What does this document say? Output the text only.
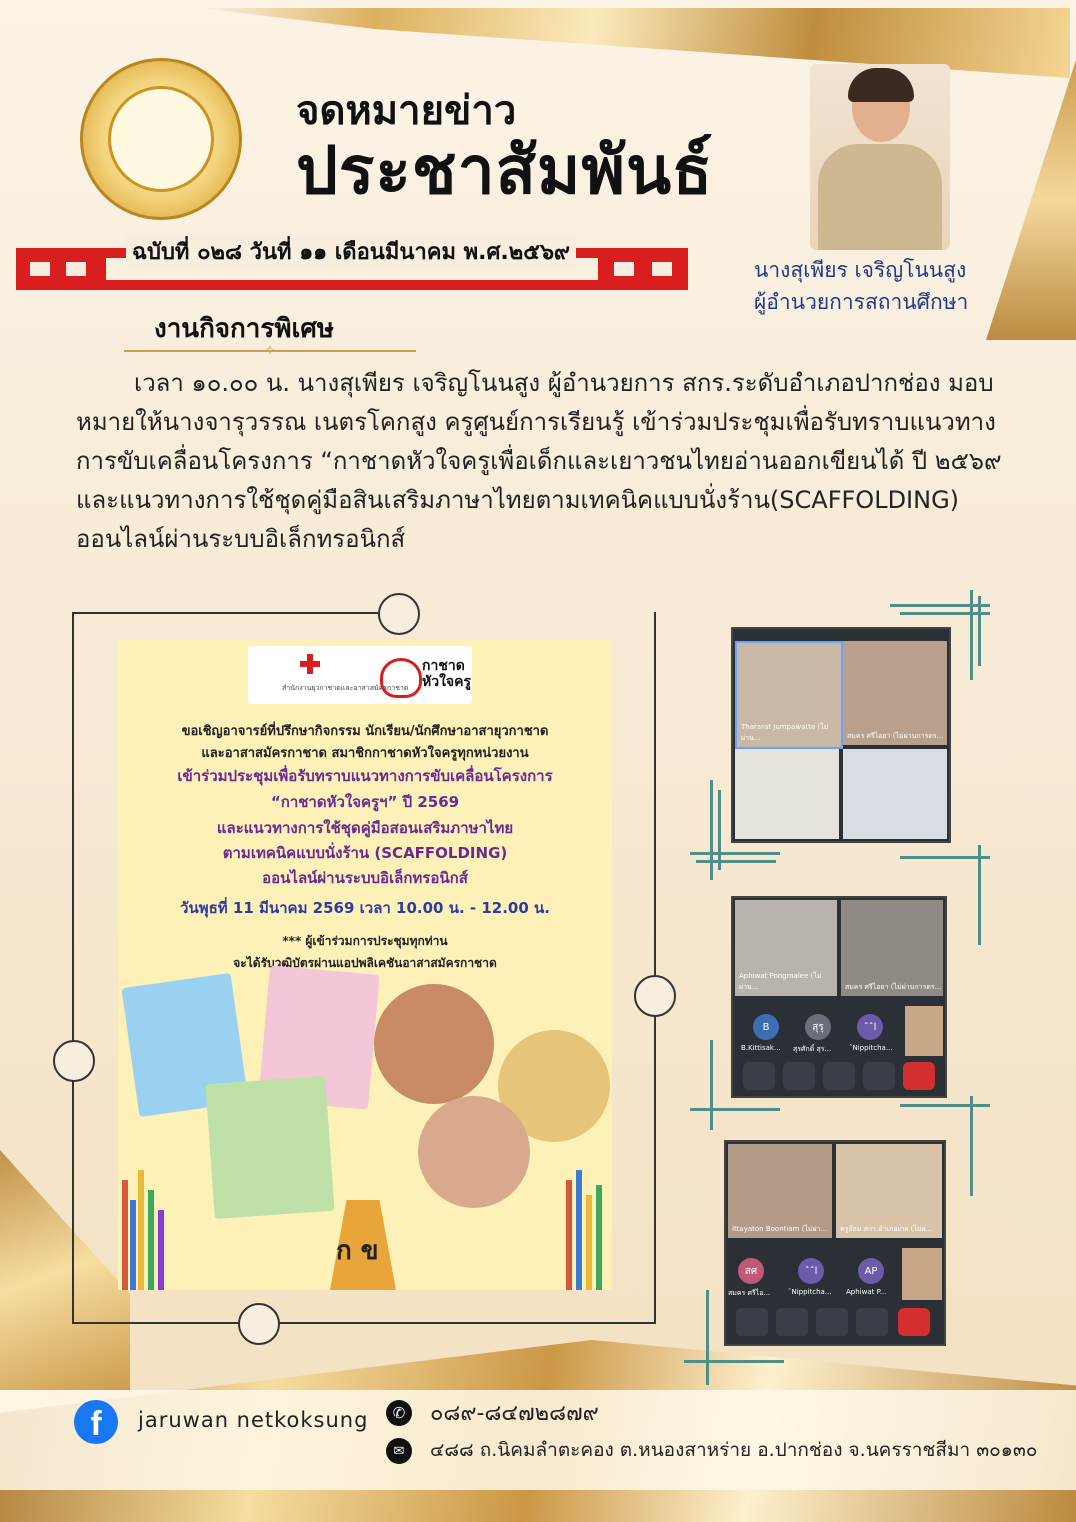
จดหมายข่าว
ประชาสัมพันธ์
ฉบับที่ ๐๒๘ วันที่ ๑๑ เดือนมีนาคม พ.ศ.๒๕๖๙
นางสุเพียร เจริญโนนสูง
ผู้อำนวยการสถานศึกษา
งานกิจการพิเศษ
✧
เวลา ๑๐.๐๐ น. นางสุเพียร เจริญโนนสูง ผู้อำนวยการ สกร.ระดับอำเภอปากช่อง มอบหมายให้นางจารุวรรณ เนตรโคกสูง ครูศูนย์การเรียนรู้ เข้าร่วมประชุมเพื่อรับทราบแนวทางการขับเคลื่อนโครงการ “กาชาดหัวใจครูเพื่อเด็กและเยาวชนไทยอ่านออกเขียนได้ ปี ๒๕๖๙ และแนวทางการใช้ชุดคู่มือสินเสริมภาษาไทยตามเทคนิคแบบนั่งร้าน(SCAFFOLDING) ออนไลน์ผ่านระบบอิเล็กทรอนิกส์
สำนักงานยุวกาชาดและอาสาสมัครกาชาด
กาชาด หัวใจครู
ขอเชิญอาจารย์ที่ปรึกษากิจกรรม นักเรียน/นักศึกษาอาสายุวกาชาด
และอาสาสมัครกาชาด สมาชิกกาชาดหัวใจครูทุกหน่วยงาน
เข้าร่วมประชุมเพื่อรับทราบแนวทางการขับเคลื่อนโครงการ
“กาชาดหัวใจครูฯ” ปี 2569
และแนวทางการใช้ชุดคู่มือสอนเสริมภาษาไทย
ตามเทคนิคแบบนั่งร้าน (SCAFFOLDING)
ออนไลน์ผ่านระบบอิเล็กทรอนิกส์
วันพุธที่ 11 มีนาคม 2569 เวลา 10.00 น. - 12.00 น.
*** ผู้เข้าร่วมการประชุมทุกท่าน
จะได้รับวุฒิบัตรผ่านแอปพลิเคชันอาสาสมัครกาชาด
ก ข
Thararat Jumpawatta (ไม่ผ่าน...	สมคร ศรีไอยา (ไม่ผ่านการตร...
Aphiwat Pongmalee (ไม่ผ่าน...	สมคร ศรีไอยา (ไม่ผ่านการตร...
B
B.Kittisak...
สุรุ
สุรศักดิ์ สุร...
ˆˆl
ˆNippitcha...
ittayaton Boontiam (ไม่ผ่า... ครูอ้อม สกร.อำเภอเกล (ไม่ผ่...
สศ
สมคร ศรีไอ...
ˆˆl
ˆNippitcha...
AP
Aphiwat P...
f	jaruwan netkoksung	✆	๐๘๙-๘๔๗๒๘๗๙
✉	๔๘๘ ถ.นิคมลำตะคอง ต.หนองสาหร่าย อ.ปากช่อง จ.นครราชสีมา ๓๐๑๓๐
